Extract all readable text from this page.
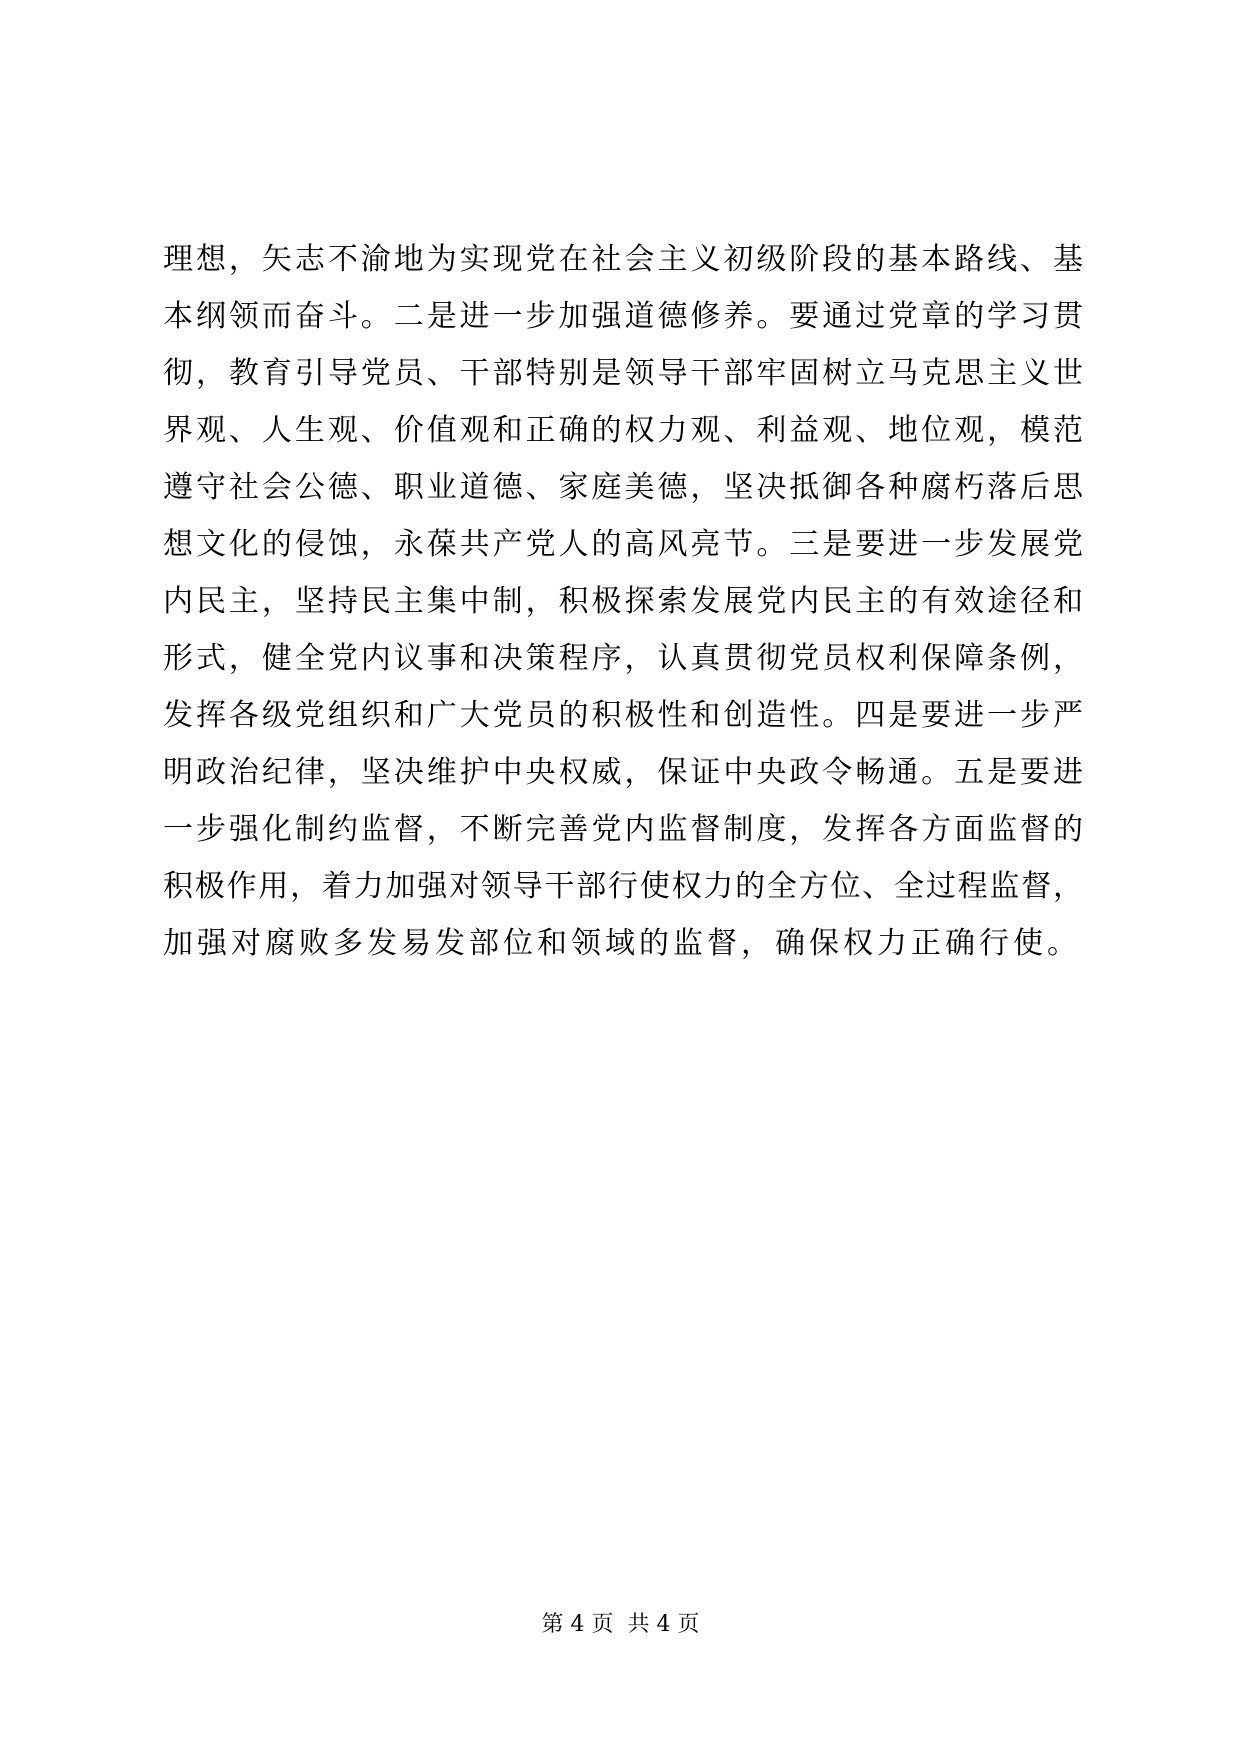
理想，矢志不渝地为实现党在社会主义初级阶段的基本路线、基
本纲领而奋斗。二是进一步加强道德修养。要通过党章的学习贯
彻，教育引导党员、干部特别是领导干部牢固树立马克思主义世
界观、人生观、价值观和正确的权力观、利益观、地位观，模范
遵守社会公德、职业道德、家庭美德，坚决抵御各种腐朽落后思
想文化的侵蚀，永葆共产党人的高风亮节。三是要进一步发展党
内民主，坚持民主集中制，积极探索发展党内民主的有效途径和
形式，健全党内议事和决策程序，认真贯彻党员权利保障条例，
发挥各级党组织和广大党员的积极性和创造性。四是要进一步严
明政治纪律，坚决维护中央权威，保证中央政令畅通。五是要进
一步强化制约监督，不断完善党内监督制度，发挥各方面监督的
积极作用，着力加强对领导干部行使权力的全方位、全过程监督，
加强对腐败多发易发部位和领域的监督，确保权力正确行使。
第 4 页  共 4 页
